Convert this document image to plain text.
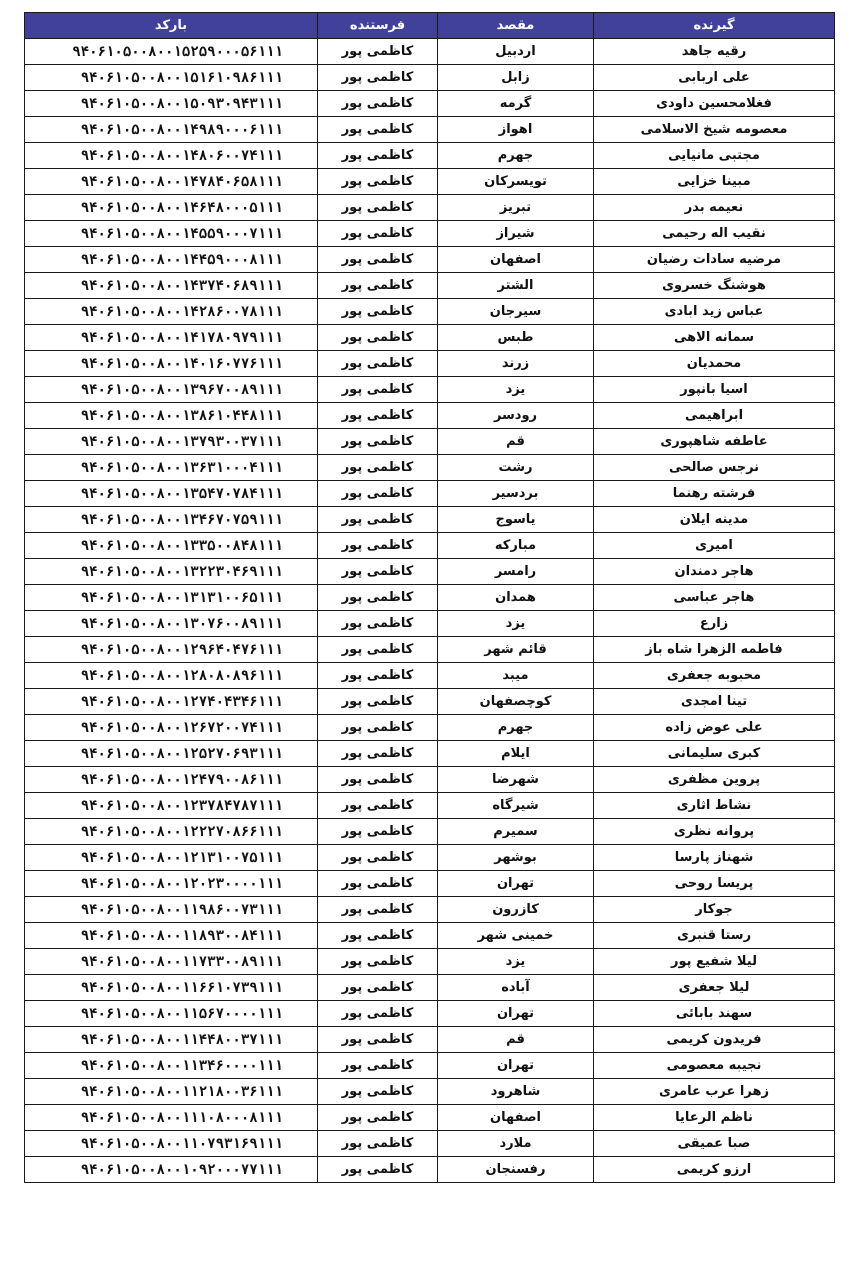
گیرنده	مقصد	فرستنده	بارکد
رقیه جاهد	اردبیل	کاظمی پور	۹۴۰۶۱۰۵۰۰۸۰۰۱۵۲۵۹۰۰۰۵۶۱۱۱
علی اربابی	زابل	کاظمی پور	۹۴۰۶۱۰۵۰۰۸۰۰۱۵۱۶۱۰۹۸۶۱۱۱
فغلامحسین داودی	گرمه	کاظمی پور	۹۴۰۶۱۰۵۰۰۸۰۰۱۵۰۹۳۰۹۴۳۱۱۱
معصومه شیخ الاسلامی	اهواز	کاظمی پور	۹۴۰۶۱۰۵۰۰۸۰۰۱۴۹۸۹۰۰۰۶۱۱۱
مجتبی مانیایی	جهرم	کاظمی پور	۹۴۰۶۱۰۵۰۰۸۰۰۱۴۸۰۶۰۰۷۴۱۱۱
مبینا خزایی	تویسرکان	کاظمی پور	۹۴۰۶۱۰۵۰۰۸۰۰۱۴۷۸۴۰۶۵۸۱۱۱
نعیمه بدر	تبریز	کاظمی پور	۹۴۰۶۱۰۵۰۰۸۰۰۱۴۶۴۸۰۰۰۵۱۱۱
نقیب اله رحیمی	شیراز	کاظمی پور	۹۴۰۶۱۰۵۰۰۸۰۰۱۴۵۵۹۰۰۰۷۱۱۱
مرضیه سادات رضیان	اصفهان	کاظمی پور	۹۴۰۶۱۰۵۰۰۸۰۰۱۴۴۵۹۰۰۰۸۱۱۱
هوشنگ خسروی	الشتر	کاظمی پور	۹۴۰۶۱۰۵۰۰۸۰۰۱۴۳۷۴۰۶۸۹۱۱۱
عباس زید ابادی	سیرجان	کاظمی پور	۹۴۰۶۱۰۵۰۰۸۰۰۱۴۲۸۶۰۰۷۸۱۱۱
سمانه الاهی	طبس	کاظمی پور	۹۴۰۶۱۰۵۰۰۸۰۰۱۴۱۷۸۰۹۷۹۱۱۱
محمدیان	زرند	کاظمی پور	۹۴۰۶۱۰۵۰۰۸۰۰۱۴۰۱۶۰۷۷۶۱۱۱
اسیا بانپور	یزد	کاظمی پور	۹۴۰۶۱۰۵۰۰۸۰۰۱۳۹۶۷۰۰۸۹۱۱۱
ابراهیمی	رودسر	کاظمی پور	۹۴۰۶۱۰۵۰۰۸۰۰۱۳۸۶۱۰۴۴۸۱۱۱
عاطفه شاهپوری	قم	کاظمی پور	۹۴۰۶۱۰۵۰۰۸۰۰۱۳۷۹۳۰۰۳۷۱۱۱
نرجس صالحی	رشت	کاظمی پور	۹۴۰۶۱۰۵۰۰۸۰۰۱۳۶۳۱۰۰۰۴۱۱۱
فرشته رهنما	بردسیر	کاظمی پور	۹۴۰۶۱۰۵۰۰۸۰۰۱۳۵۴۷۰۷۸۴۱۱۱
مدینه ایلان	یاسوج	کاظمی پور	۹۴۰۶۱۰۵۰۰۸۰۰۱۳۴۶۷۰۷۵۹۱۱۱
امیری	مبارکه	کاظمی پور	۹۴۰۶۱۰۵۰۰۸۰۰۱۳۳۵۰۰۸۴۸۱۱۱
هاجر دمندان	رامسر	کاظمی پور	۹۴۰۶۱۰۵۰۰۸۰۰۱۳۲۲۳۰۴۶۹۱۱۱
هاجر عباسی	همدان	کاظمی پور	۹۴۰۶۱۰۵۰۰۸۰۰۱۳۱۳۱۰۰۶۵۱۱۱
زارع	یزد	کاظمی پور	۹۴۰۶۱۰۵۰۰۸۰۰۱۳۰۷۶۰۰۸۹۱۱۱
فاطمه الزهرا شاه باز	قائم شهر	کاظمی پور	۹۴۰۶۱۰۵۰۰۸۰۰۱۲۹۶۴۰۴۷۶۱۱۱
محبوبه جعفری	میبد	کاظمی پور	۹۴۰۶۱۰۵۰۰۸۰۰۱۲۸۰۸۰۸۹۶۱۱۱
تینا امجدی	کوچصفهان	کاظمی پور	۹۴۰۶۱۰۵۰۰۸۰۰۱۲۷۴۰۴۳۴۶۱۱۱
علی عوض زاده	جهرم	کاظمی پور	۹۴۰۶۱۰۵۰۰۸۰۰۱۲۶۷۲۰۰۷۴۱۱۱
کبری سلیمانی	ایلام	کاظمی پور	۹۴۰۶۱۰۵۰۰۸۰۰۱۲۵۲۷۰۶۹۳۱۱۱
پروین مظفری	شهرضا	کاظمی پور	۹۴۰۶۱۰۵۰۰۸۰۰۱۲۴۷۹۰۰۸۶۱۱۱
نشاط اثاری	شیرگاه	کاظمی پور	۹۴۰۶۱۰۵۰۰۸۰۰۱۲۳۷۸۴۷۸۷۱۱۱
پروانه نظری	سمیرم	کاظمی پور	۹۴۰۶۱۰۵۰۰۸۰۰۱۲۲۲۷۰۸۶۶۱۱۱
شهناز پارسا	بوشهر	کاظمی پور	۹۴۰۶۱۰۵۰۰۸۰۰۱۲۱۳۱۰۰۷۵۱۱۱
پریسا روحی	تهران	کاظمی پور	۹۴۰۶۱۰۵۰۰۸۰۰۱۲۰۲۳۰۰۰۰۱۱۱
جوکار	کازرون	کاظمی پور	۹۴۰۶۱۰۵۰۰۸۰۰۱۱۹۸۶۰۰۷۳۱۱۱
رستا قنبری	خمینی شهر	کاظمی پور	۹۴۰۶۱۰۵۰۰۸۰۰۱۱۸۹۳۰۰۸۴۱۱۱
لیلا شفیع پور	یزد	کاظمی پور	۹۴۰۶۱۰۵۰۰۸۰۰۱۱۷۳۳۰۰۸۹۱۱۱
لیلا جعفری	آباده	کاظمی پور	۹۴۰۶۱۰۵۰۰۸۰۰۱۱۶۶۱۰۷۳۹۱۱۱
سهند بابائی	تهران	کاظمی پور	۹۴۰۶۱۰۵۰۰۸۰۰۱۱۵۶۷۰۰۰۰۱۱۱
فریدون کریمی	قم	کاظمی پور	۹۴۰۶۱۰۵۰۰۸۰۰۱۱۴۴۸۰۰۳۷۱۱۱
نجیبه معصومی	تهران	کاظمی پور	۹۴۰۶۱۰۵۰۰۸۰۰۱۱۳۴۶۰۰۰۰۱۱۱
زهرا عرب عامری	شاهرود	کاظمی پور	۹۴۰۶۱۰۵۰۰۸۰۰۱۱۲۱۸۰۰۳۶۱۱۱
ناظم الرعایا	اصفهان	کاظمی پور	۹۴۰۶۱۰۵۰۰۸۰۰۱۱۱۰۸۰۰۰۸۱۱۱
صبا عمیقی	ملارد	کاظمی پور	۹۴۰۶۱۰۵۰۰۸۰۰۱۱۰۷۹۳۱۶۹۱۱۱
ارزو کریمی	رفسنجان	کاظمی پور	۹۴۰۶۱۰۵۰۰۸۰۰۱۰۹۲۰۰۰۷۷۱۱۱
